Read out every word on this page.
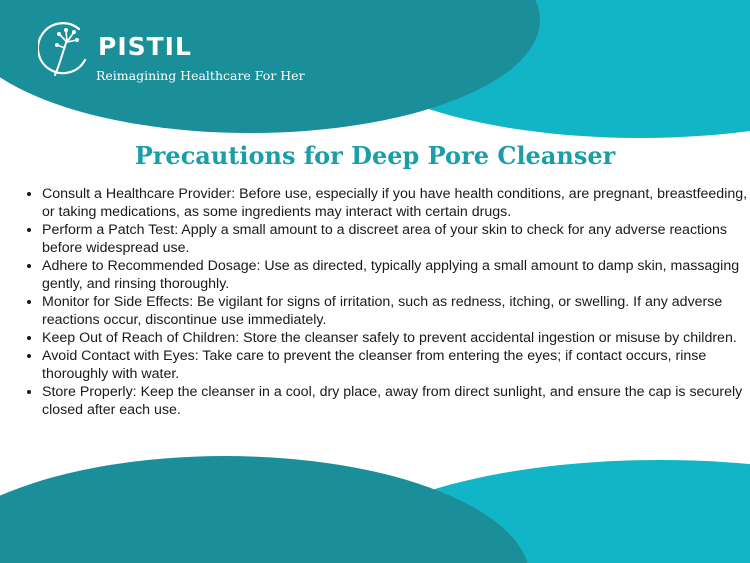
PISTIL
Reimagining Healthcare For Her
Precautions for Deep Pore Cleanser
• Consult a Healthcare Provider: Before use, especially if you have health conditions, are pregnant, breastfeeding, or taking medications, as some ingredients may interact with certain drugs.
• Perform a Patch Test: Apply a small amount to a discreet area of your skin to check for any adverse reactions before widespread use.
• Adhere to Recommended Dosage: Use as directed, typically applying a small amount to damp skin, massaging gently, and rinsing thoroughly.
• Monitor for Side Effects: Be vigilant for signs of irritation, such as redness, itching, or swelling. If any adverse reactions occur, discontinue use immediately.
• Keep Out of Reach of Children: Store the cleanser safely to prevent accidental ingestion or misuse by children.
• Avoid Contact with Eyes: Take care to prevent the cleanser from entering the eyes; if contact occurs, rinse thoroughly with water.
• Store Properly: Keep the cleanser in a cool, dry place, away from direct sunlight, and ensure the cap is securely closed after each use.
